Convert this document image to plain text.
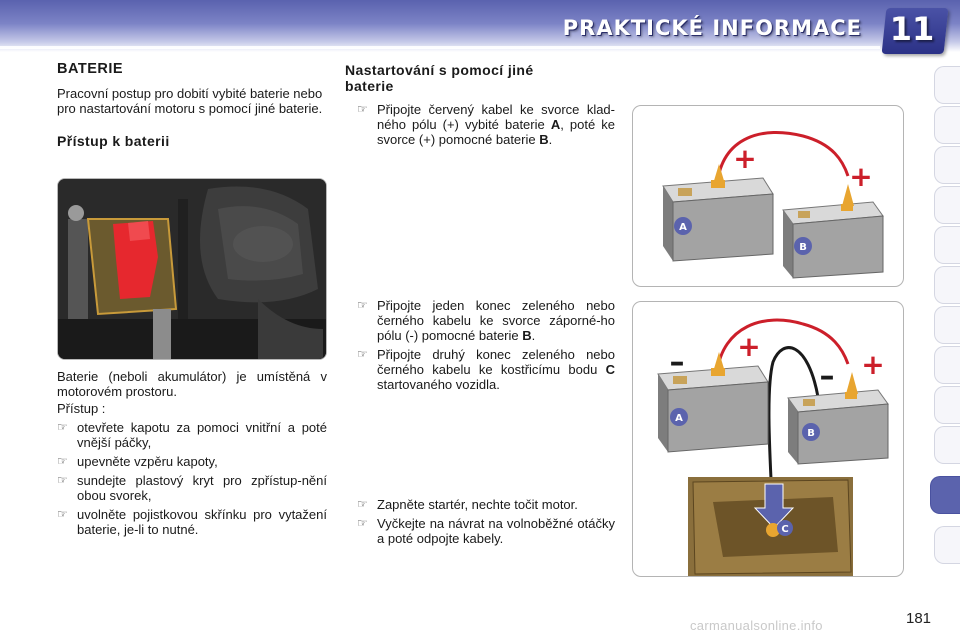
PRAKTICKÉ INFORMACE 11
BATERIE

Pracovní postup pro dobití vybité baterie nebo pro nastartování motoru s pomocí jiné baterie.

Přístup k baterii

Baterie (neboli akumulátor) je umístěná v motorovém prostoru.

Přístup :

☞ otevřete kapotu za pomoci vnitřní a poté vnější páčky,
☞ upevněte vzpěru kapoty,
☞ sundejte plastový kryt pro zpřístup-nění obou svorek,
☞ uvolněte pojistkovou skřínku pro vytažení baterie, je-li to nutné.
Nastartování s pomocí jiné baterie
☞ Připojte červený kabel ke svorce klad-ného pólu (+) vybité baterie A, poté ke svorce (+) pomocné baterie B.
☞ Připojte jeden konec zeleného nebo černého kabelu ke svorce záporné-ho pólu (-) pomocné baterie B.
☞ Připojte druhý konec zeleného nebo černého kabelu ke kostřicímu bodu C startovaného vozidla.
☞ Zapněte startér, nechte točit motor.
☞ Vyčkejte na návrat na volnoběžné otáčky a poté odpojte kabely.
A
+
B
+
C
A
– +
B
– +
carmanualsonline.info	181
